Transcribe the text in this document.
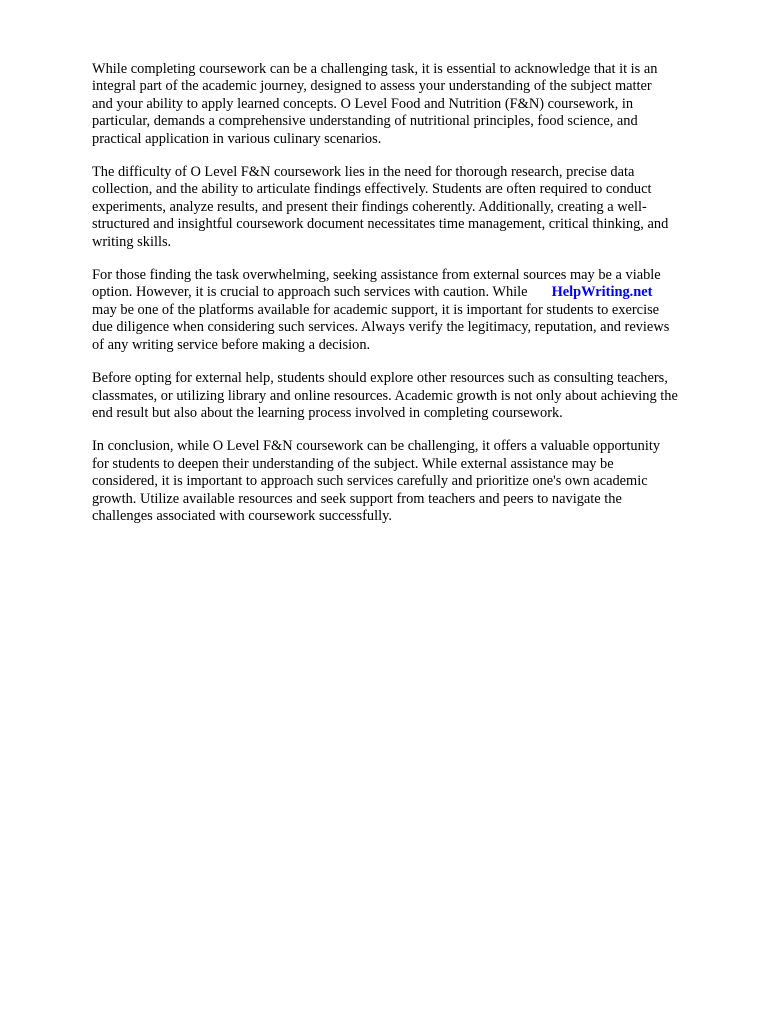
While completing coursework can be a challenging task, it is essential to acknowledge that it is an
integral part of the academic journey, designed to assess your understanding of the subject matter
and your ability to apply learned concepts. O Level Food and Nutrition (F&N) coursework, in
particular, demands a comprehensive understanding of nutritional principles, food science, and
practical application in various culinary scenarios.

The difficulty of O Level F&N coursework lies in the need for thorough research, precise data
collection, and the ability to articulate findings effectively. Students are often required to conduct
experiments, analyze results, and present their findings coherently. Additionally, creating a well-
structured and insightful coursework document necessitates time management, critical thinking, and
writing skills.

For those finding the task overwhelming, seeking assistance from external sources may be a viable
option. However, it is crucial to approach such services with caution. While HelpWriting.net
may be one of the platforms available for academic support, it is important for students to exercise
due diligence when considering such services. Always verify the legitimacy, reputation, and reviews
of any writing service before making a decision.

Before opting for external help, students should explore other resources such as consulting teachers,
classmates, or utilizing library and online resources. Academic growth is not only about achieving the
end result but also about the learning process involved in completing coursework.

In conclusion, while O Level F&N coursework can be challenging, it offers a valuable opportunity
for students to deepen their understanding of the subject. While external assistance may be
considered, it is important to approach such services carefully and prioritize one's own academic
growth. Utilize available resources and seek support from teachers and peers to navigate the
challenges associated with coursework successfully.
